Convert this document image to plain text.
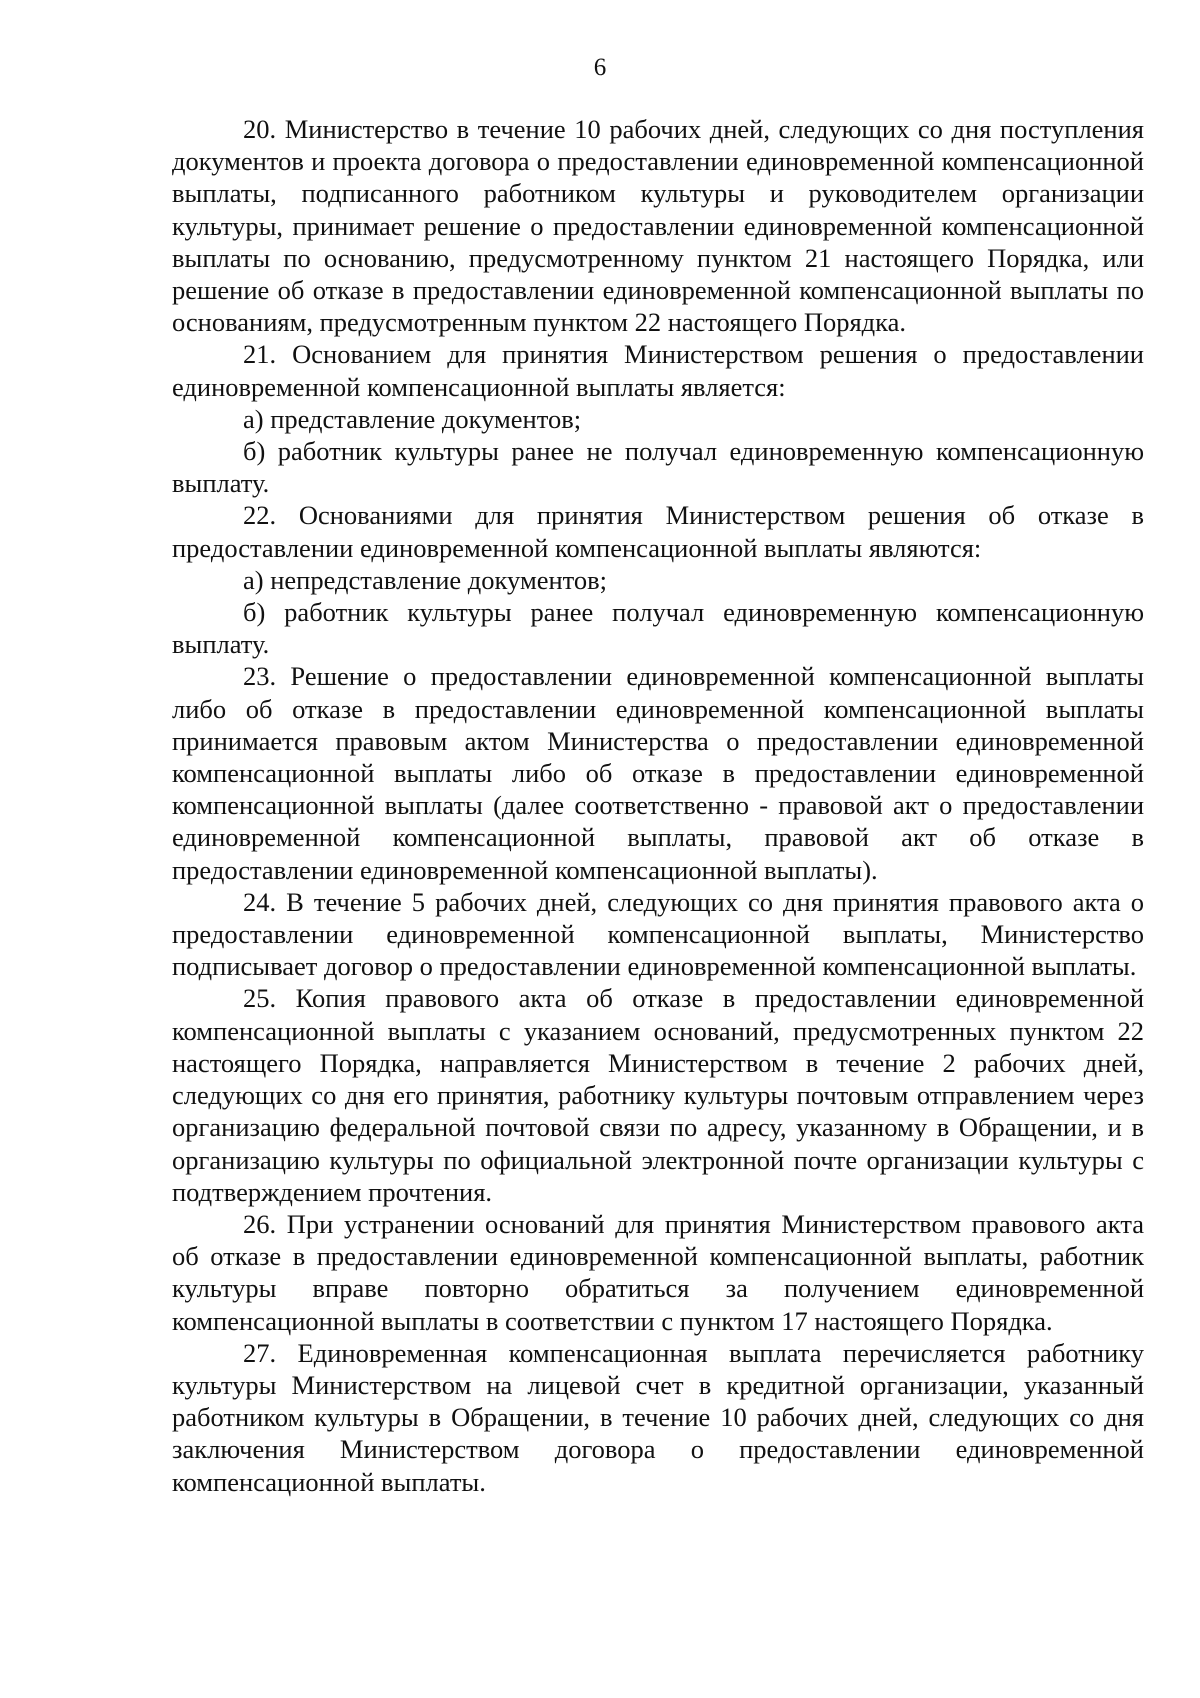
6

20. Министерство в течение 10 рабочих дней, следующих со дня поступления документов и проекта договора о предоставлении единовременной компенсационной выплаты, подписанного работником культуры и руководителем организации культуры, принимает решение о предоставлении единовременной компенсационной выплаты по основанию, предусмотренному пунктом 21 настоящего Порядка, или решение об отказе в предоставлении единовременной компенсационной выплаты по основаниям, предусмотренным пунктом 22 настоящего Порядка.

21. Основанием для принятия Министерством решения о предоставлении единовременной компенсационной выплаты является:

а) представление документов;

б) работник культуры ранее не получал единовременную компенсационную выплату.

22. Основаниями для принятия Министерством решения об отказе в предоставлении единовременной компенсационной выплаты являются:

а) непредставление документов;

б) работник культуры ранее получал единовременную компенсационную выплату.

23. Решение о предоставлении единовременной компенсационной выплаты либо об отказе в предоставлении единовременной компенсационной выплаты принимается правовым актом Министерства о предоставлении единовременной компенсационной выплаты либо об отказе в предоставлении единовременной компенсационной выплаты (далее соответственно - правовой акт о предоставлении единовременной компенсационной выплаты, правовой акт об отказе в предоставлении единовременной компенсационной выплаты).

24. В течение 5 рабочих дней, следующих со дня принятия правового акта о предоставлении единовременной компенсационной выплаты, Министерство подписывает договор о предоставлении единовременной компенсационной выплаты.

25. Копия правового акта об отказе в предоставлении единовременной компенсационной выплаты с указанием оснований, предусмотренных пунктом 22 настоящего Порядка, направляется Министерством в течение 2 рабочих дней, следующих со дня его принятия, работнику культуры почтовым отправлением через организацию федеральной почтовой связи по адресу, указанному в Обращении, и в организацию культуры по официальной электронной почте организации культуры с подтверждением прочтения.

26. При устранении оснований для принятия Министерством правового акта об отказе в предоставлении единовременной компенсационной выплаты, работник культуры вправе повторно обратиться за получением единовременной компенсационной выплаты в соответствии с пунктом 17 настоящего Порядка.

27. Единовременная компенсационная выплата перечисляется работнику культуры Министерством на лицевой счет в кредитной организации, указанный работником культуры в Обращении, в течение 10 рабочих дней, следующих со дня заключения Министерством договора о предоставлении единовременной компенсационной выплаты.
